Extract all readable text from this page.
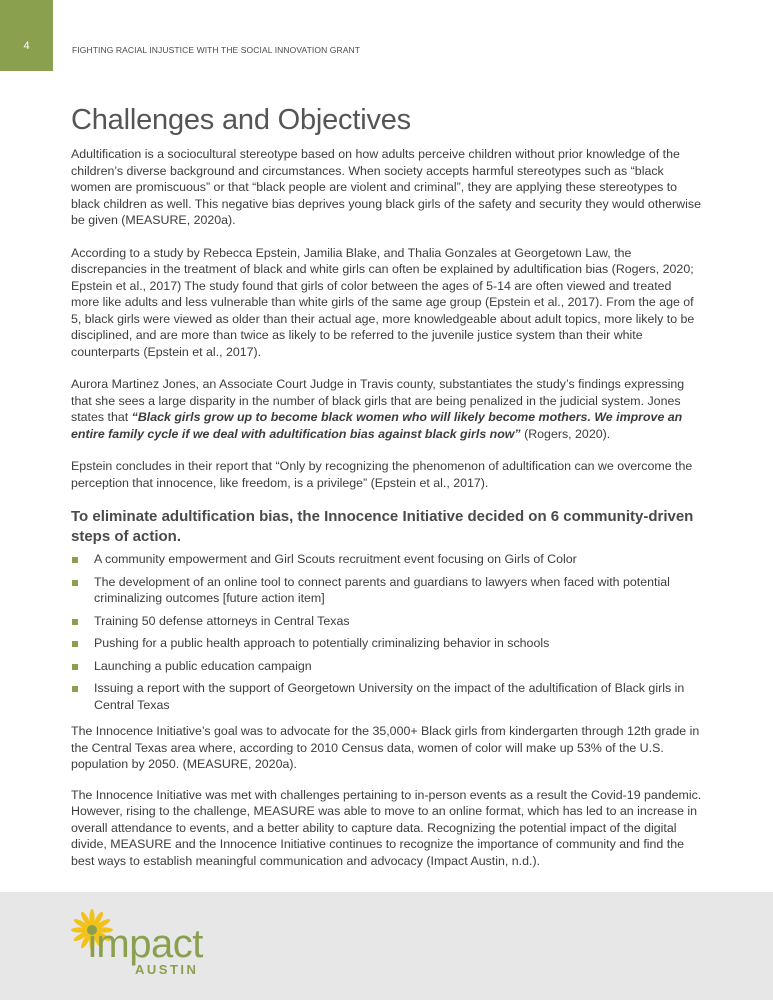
4	FIGHTING RACIAL INJUSTICE WITH THE SOCIAL INNOVATION GRANT
Challenges and Objectives

Adultification is a sociocultural stereotype based on how adults perceive children without prior knowledge of the children’s diverse background and circumstances. When society accepts harmful stereotypes such as “black women are promiscuous” or that “black people are violent and criminal”, they are applying these stereotypes to black children as well. This negative bias deprives young black girls of the safety and security they would otherwise be given (MEASURE, 2020a).

According to a study by Rebecca Epstein, Jamilia Blake, and Thalia Gonzales at Georgetown Law, the discrepancies in the treatment of black and white girls can often be explained by adultification bias (Rogers, 2020; Epstein et al., 2017) The study found that girls of color between the ages of 5-14 are often viewed and treated more like adults and less vulnerable than white girls of the same age group (Epstein et al., 2017). From the age of 5, black girls were viewed as older than their actual age, more knowledgeable about adult topics, more likely to be disciplined, and are more than twice as likely to be referred to the juvenile justice system than their white counterparts (Epstein et al., 2017).

Aurora Martinez Jones, an Associate Court Judge in Travis county, substantiates the study’s findings expressing that she sees a large disparity in the number of black girls that are being penalized in the judicial system. Jones states that “Black girls grow up to become black women who will likely become mothers. We improve an entire family cycle if we deal with adultification bias against black girls now” (Rogers, 2020).

Epstein concludes in their report that “Only by recognizing the phenomenon of adultification can we overcome the perception that innocence, like freedom, is a privilege” (Epstein et al., 2017).

To eliminate adultification bias, the Innocence Initiative decided on 6 community-driven steps of action.
A community empowerment and Girl Scouts recruitment event focusing on Girls of Color
The development of an online tool to connect parents and guardians to lawyers when faced with potential criminalizing outcomes [future action item]
Training 50 defense attorneys in Central Texas
Pushing for a public health approach to potentially criminalizing behavior in schools
Launching a public education campaign
Issuing a report with the support of Georgetown University on the impact of the adultification of Black girls in Central Texas

The Innocence Initiative’s goal was to advocate for the 35,000+ Black girls from kindergarten through 12th grade in the Central Texas area where, according to 2010 Census data, women of color will make up 53% of the U.S. population by 2050. (MEASURE, 2020a).

The Innocence Initiative was met with challenges pertaining to in-person events as a result the Covid-19 pandemic. However, rising to the challenge, MEASURE was able to move to an online format, which has led to an increase in overall attendance to events, and a better ability to capture data. Recognizing the potential impact of the digital divide, MEASURE and the Innocence Initiative continues to recognize the importance of community and find the best ways to establish meaningful communication and advocacy (Impact Austin, n.d.).

impact
AUSTIN
